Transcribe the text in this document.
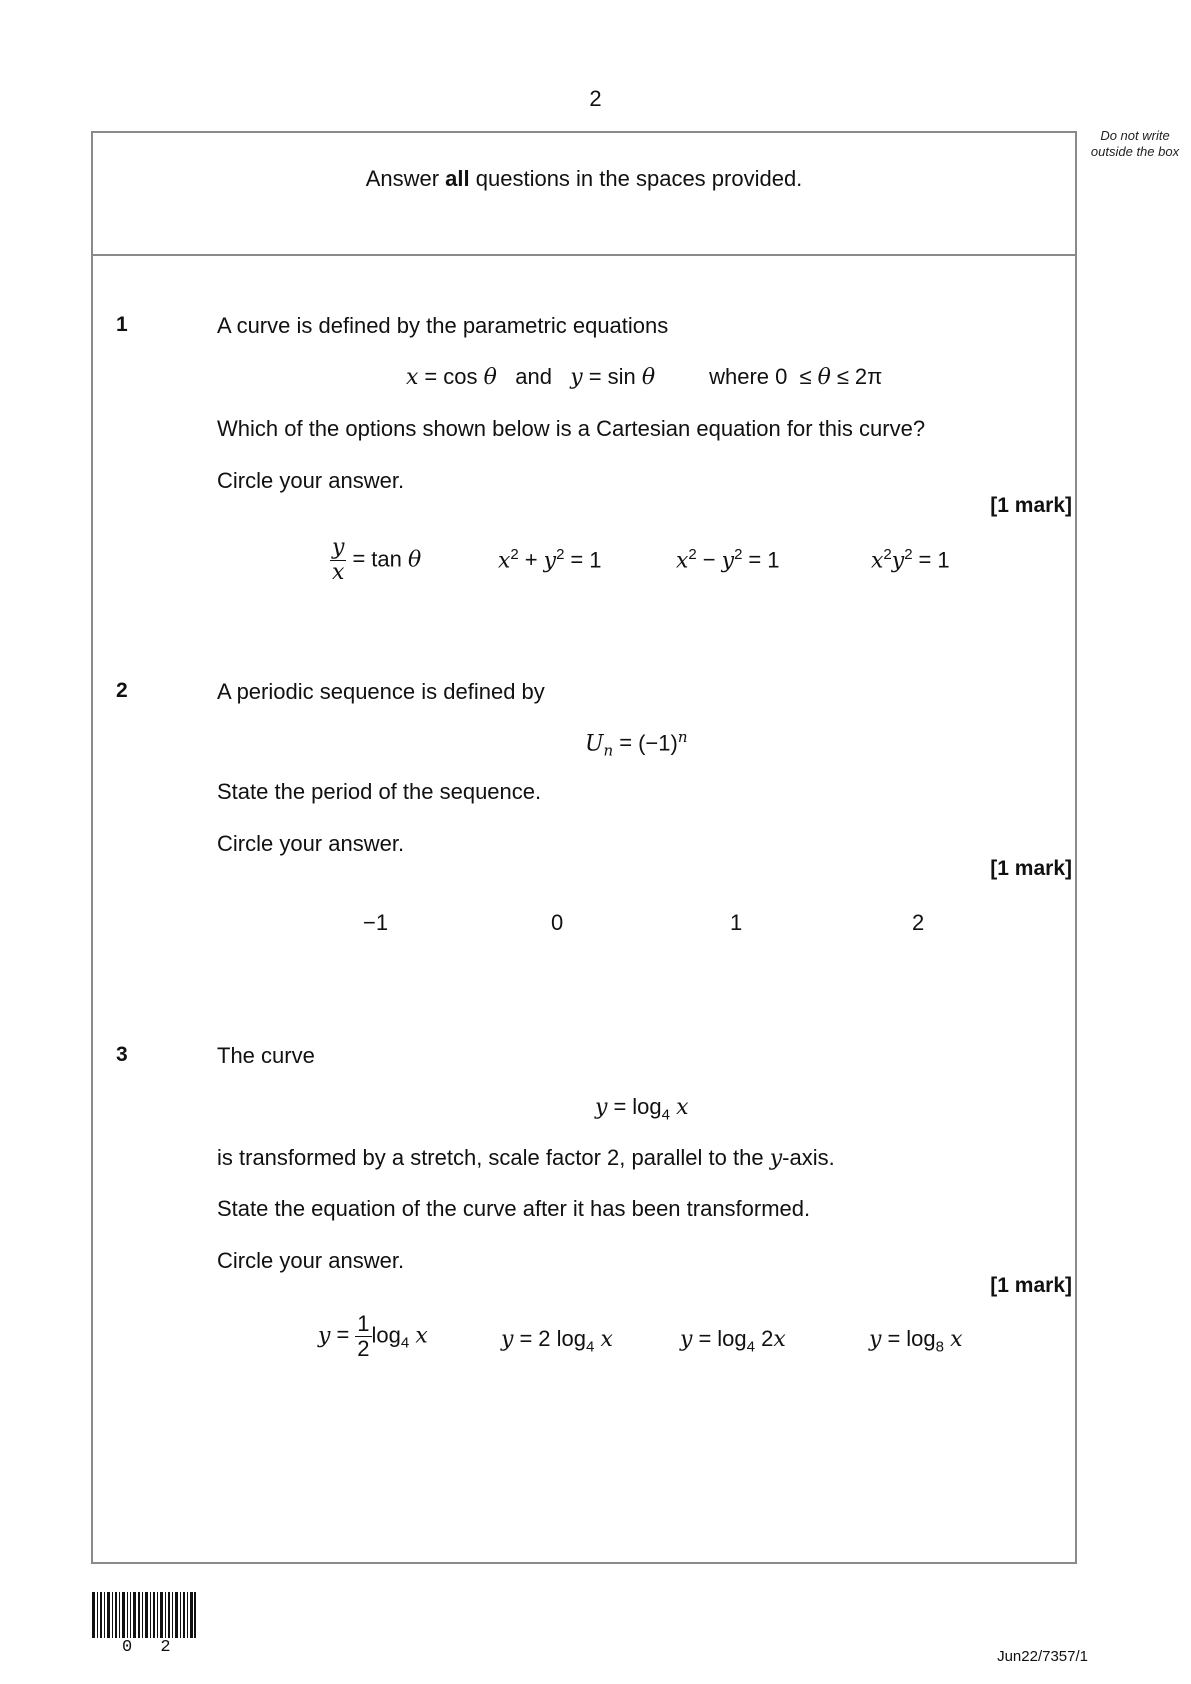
2
Do not write outside the box
Answer all questions in the spaces provided.
1	A curve is defined by the parametric equations
x = cos θ and y = sin θ where 0 ≤ θ ≤ 2π
Which of the options shown below is a Cartesian equation for this curve?
Circle your answer.
[1 mark]
$\frac{y}{x} = \tan \theta$	$x^2 + y^2 = 1$	$x^2 - y^2 = 1$	$x^2y^2 = 1$
2	A periodic sequence is defined by
$U_n = (-1)^n$
State the period of the sequence.
Circle your answer.
[1 mark]
−1	0	1	2
3	The curve
$y = \log_4 x$
is transformed by a stretch, scale factor 2, parallel to the y-axis.
State the equation of the curve after it has been transformed.
Circle your answer.
[1 mark]
$y = \frac{1}{2} \log_4 x$	y = 2 $\log_4 x$	$y = \log_4 2x$	$y = \log_8 x$
0 2	Jun22/7357/1
